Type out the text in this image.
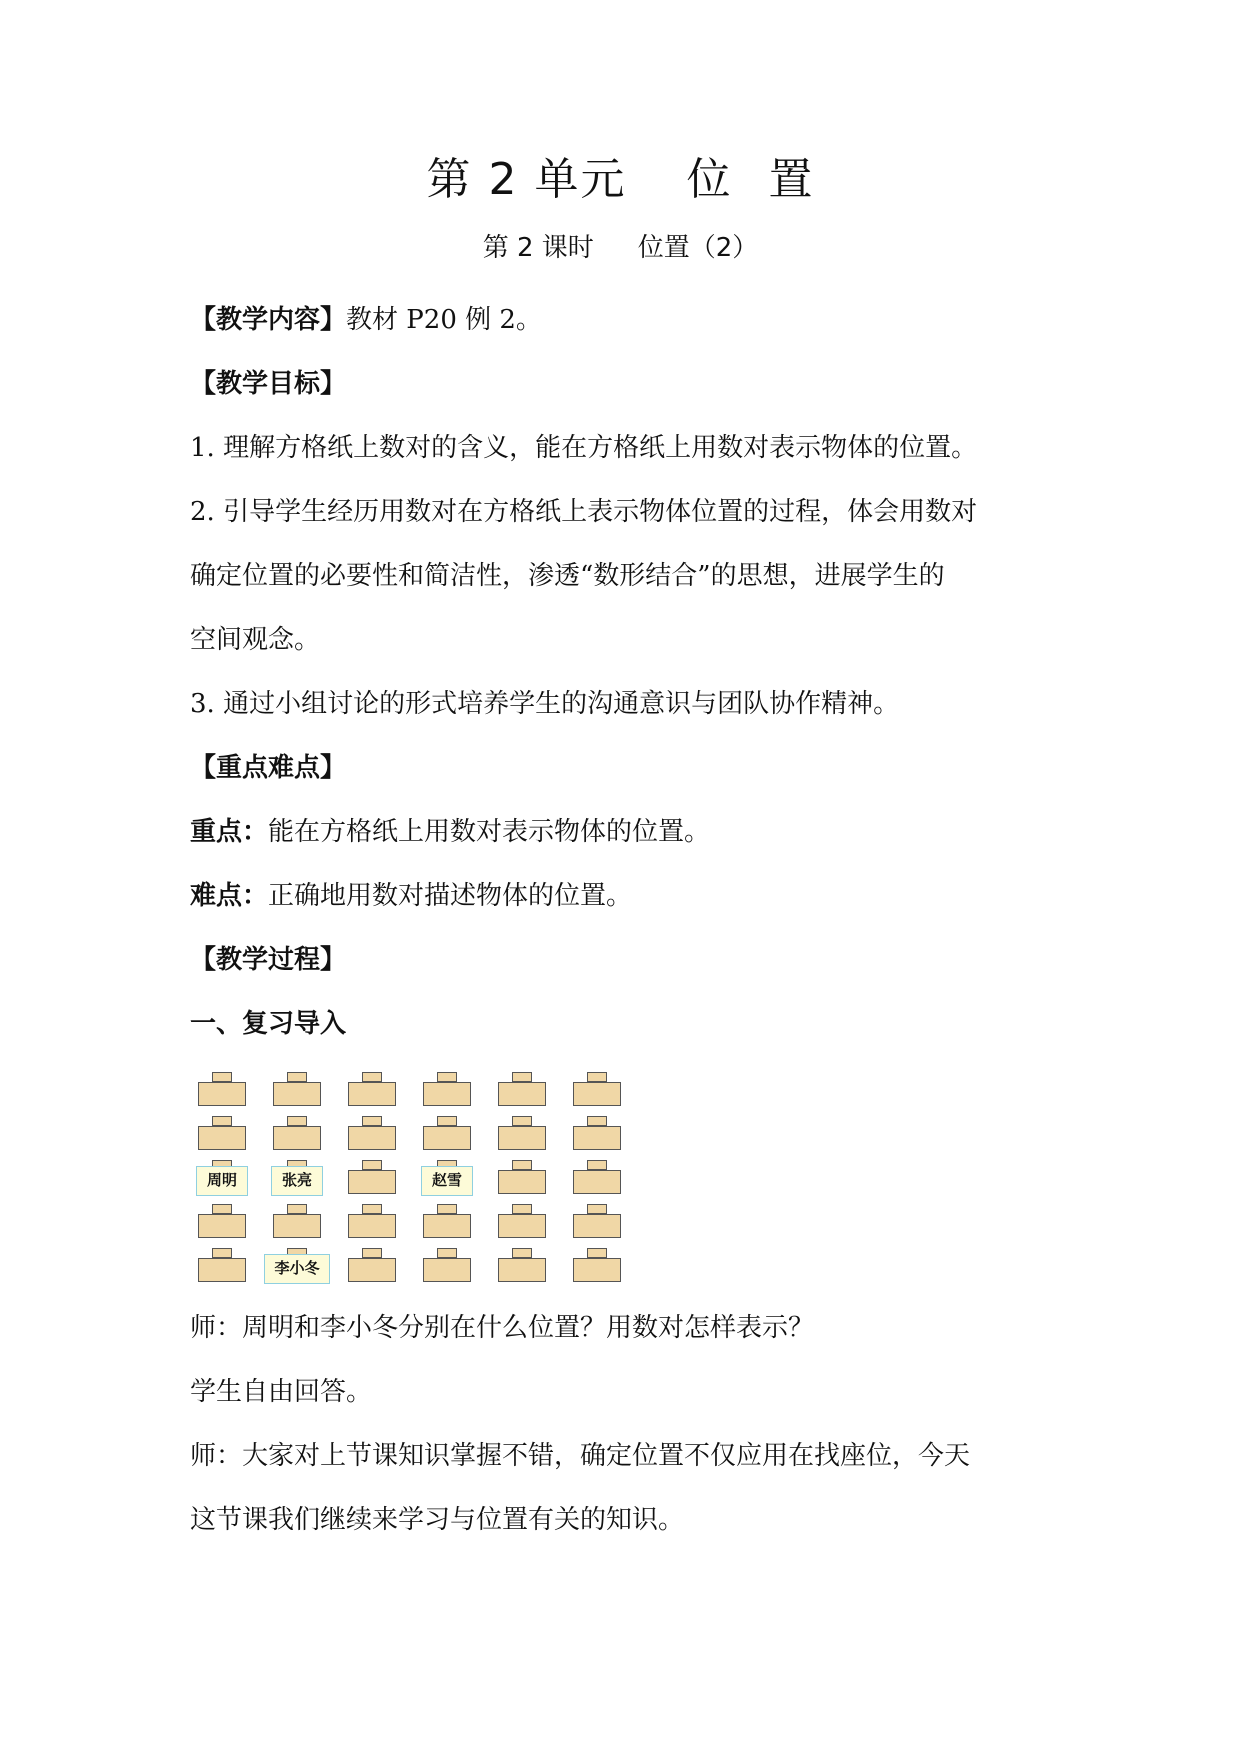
第 2 单元 位 置
第 2 课时 位置（2）
【教学内容】教材 P20 例 2。
【教学目标】
1. 理解方格纸上数对的含义，能在方格纸上用数对表示物体的位置。
2. 引导学生经历用数对在方格纸上表示物体位置的过程，体会用数对
确定位置的必要性和简洁性，渗透“数形结合”的思想，进展学生的
空间观念。
3. 通过小组讨论的形式培养学生的沟通意识与团队协作精神。
【重点难点】
重点：能在方格纸上用数对表示物体的位置。
难点：正确地用数对描述物体的位置。
【教学过程】
一、复习导入
周明	张亮	赵雪
李小冬
师：周明和李小冬分别在什么位置？用数对怎样表示？
学生自由回答。
师：大家对上节课知识掌握不错，确定位置不仅应用在找座位，今天
这节课我们继续来学习与位置有关的知识。
